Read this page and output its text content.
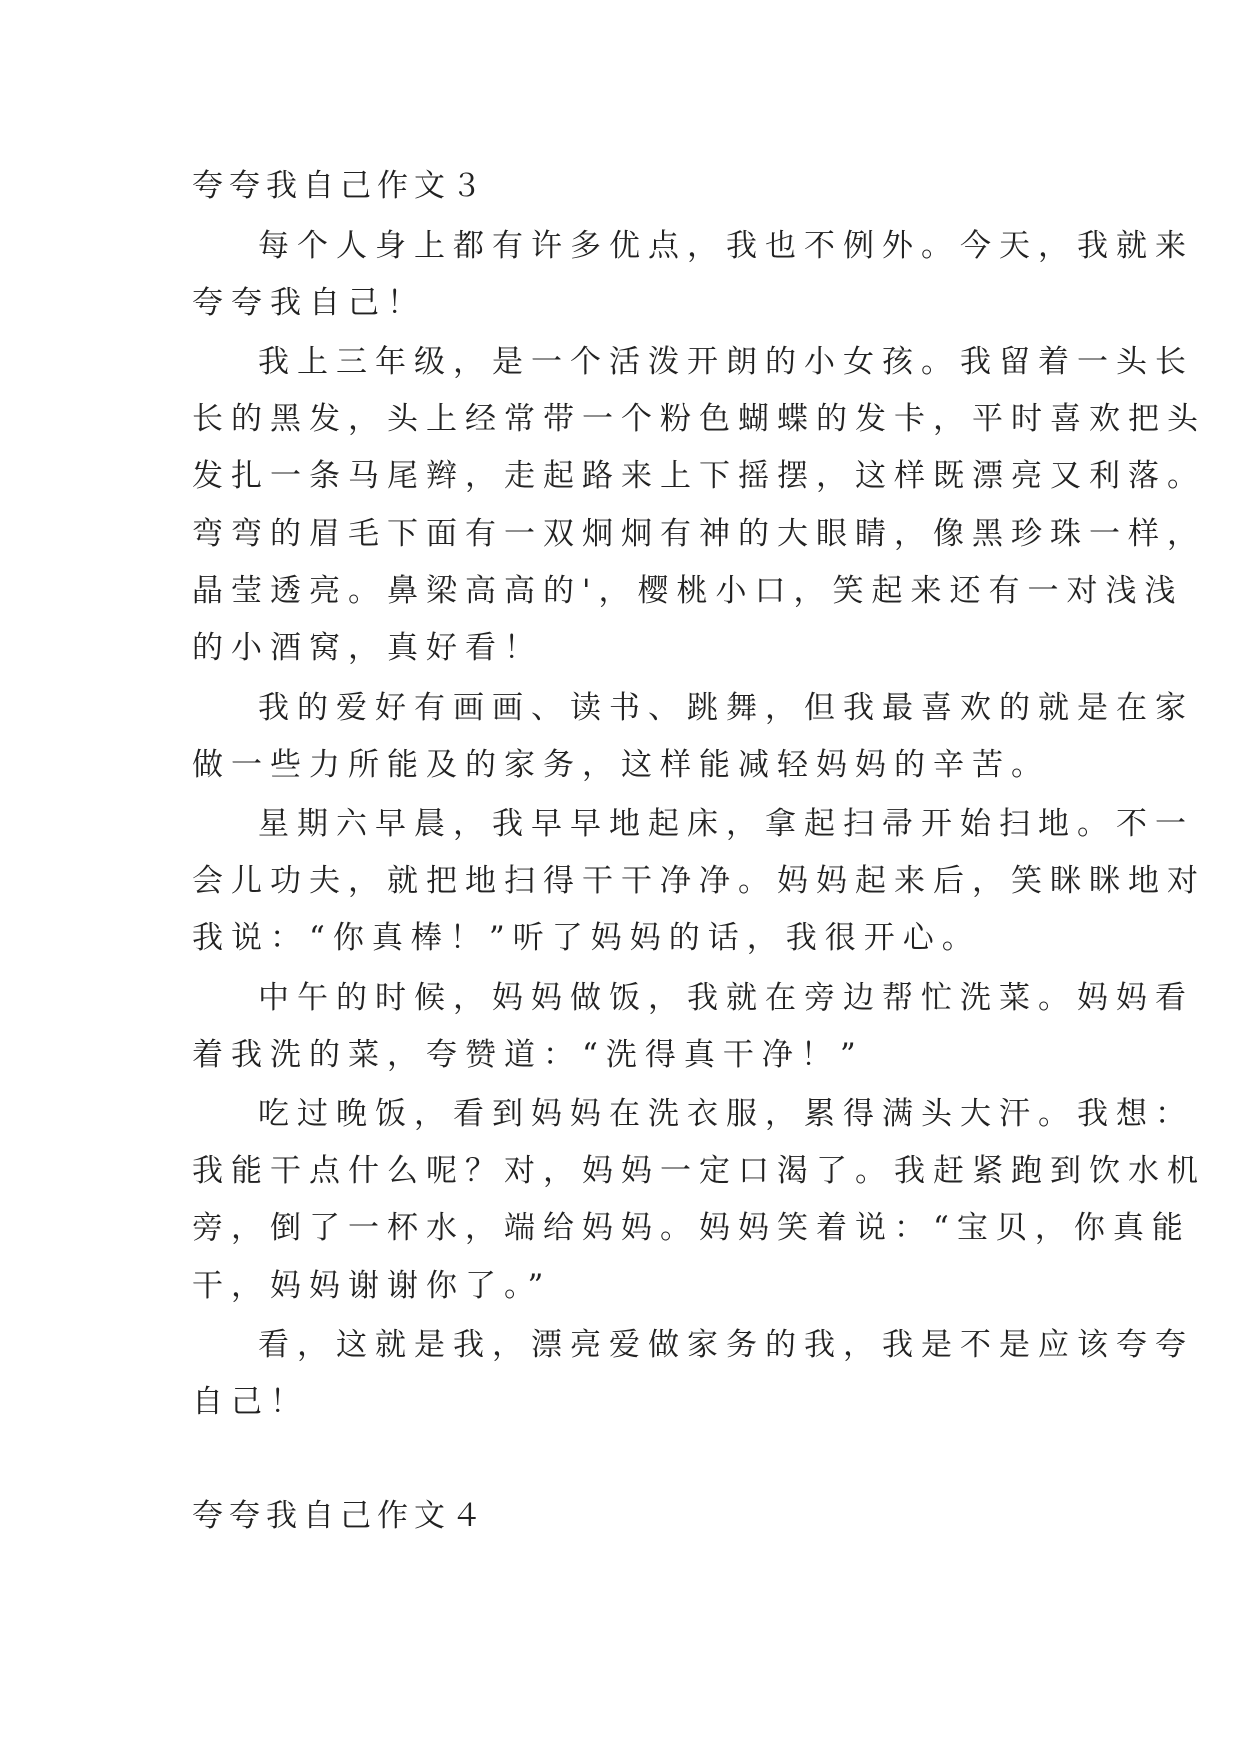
夸夸我自己作文３
每个人身上都有许多优点，我也不例外。今天，我就来
夸夸我自己！
我上三年级，是一个活泼开朗的小女孩。我留着一头长
长的黑发，头上经常带一个粉色蝴蝶的发卡，平时喜欢把头
发扎一条马尾辫，走起路来上下摇摆，这样既漂亮又利落。
弯弯的眉毛下面有一双炯炯有神的大眼睛，像黑珍珠一样，
晶莹透亮。鼻梁高高的'，樱桃小口，笑起来还有一对浅浅
的小酒窝，真好看！
我的爱好有画画、读书、跳舞，但我最喜欢的就是在家
做一些力所能及的家务，这样能减轻妈妈的辛苦。
星期六早晨，我早早地起床，拿起扫帚开始扫地。不一
会儿功夫，就把地扫得干干净净。妈妈起来后，笑眯眯地对
我说：“你真棒！”听了妈妈的话，我很开心。
中午的时候，妈妈做饭，我就在旁边帮忙洗菜。妈妈看
着我洗的菜，夸赞道：“洗得真干净！”
吃过晚饭，看到妈妈在洗衣服，累得满头大汗。我想：
我能干点什么呢？对，妈妈一定口渴了。我赶紧跑到饮水机
旁，倒了一杯水，端给妈妈。妈妈笑着说：“宝贝，你真能
干，妈妈谢谢你了。”
看，这就是我，漂亮爱做家务的我，我是不是应该夸夸
自己！
夸夸我自己作文４
